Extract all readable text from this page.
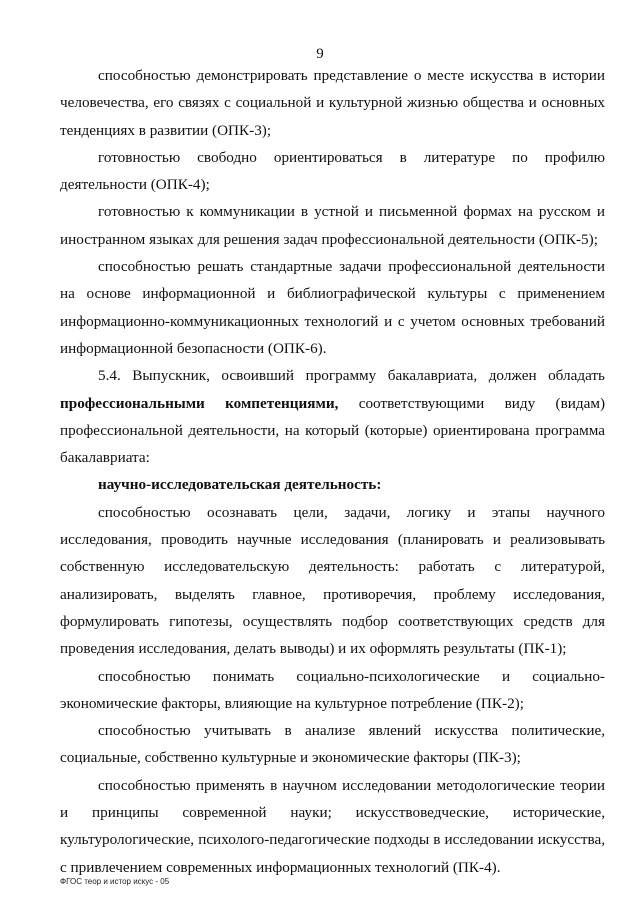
9

способностью демонстрировать представление о месте искусства в истории человечества, его связях с социальной и культурной жизнью общества и основных тенденциях в развитии (ОПК-3);

готовностью свободно ориентироваться в литературе по профилю деятельности (ОПК-4);

готовностью к коммуникации в устной и письменной формах на русском и иностранном языках для решения задач профессиональной деятельности (ОПК-5);

способностью решать стандартные задачи профессиональной деятельности на основе информационной и библиографической культуры с применением информационно-коммуникационных технологий и с учетом основных требований информационной безопасности (ОПК-6).

5.4. Выпускник, освоивший программу бакалавриата, должен обладать профессиональными компетенциями, соответствующими виду (видам) профессиональной деятельности, на который (которые) ориентирована программа бакалавриата:

научно-исследовательская деятельность:

способностью осознавать цели, задачи, логику и этапы научного исследования, проводить научные исследования (планировать и реализовывать собственную исследовательскую деятельность: работать с литературой, анализировать, выделять главное, противоречия, проблему исследования, формулировать гипотезы, осуществлять подбор соответствующих средств для проведения исследования, делать выводы) и их оформлять результаты (ПК-1);

способностью понимать социально-психологические и социально-экономические факторы, влияющие на культурное потребление (ПК-2);

способностью учитывать в анализе явлений искусства политические, социальные, собственно культурные и экономические факторы (ПК-3);

способностью применять в научном исследовании методологические теории и принципы современной науки; искусствоведческие, исторические, культурологические, психолого-педагогические подходы в исследовании искусства, с привлечением современных информационных технологий (ПК-4).

ФГОС теор и истор искус - 05
